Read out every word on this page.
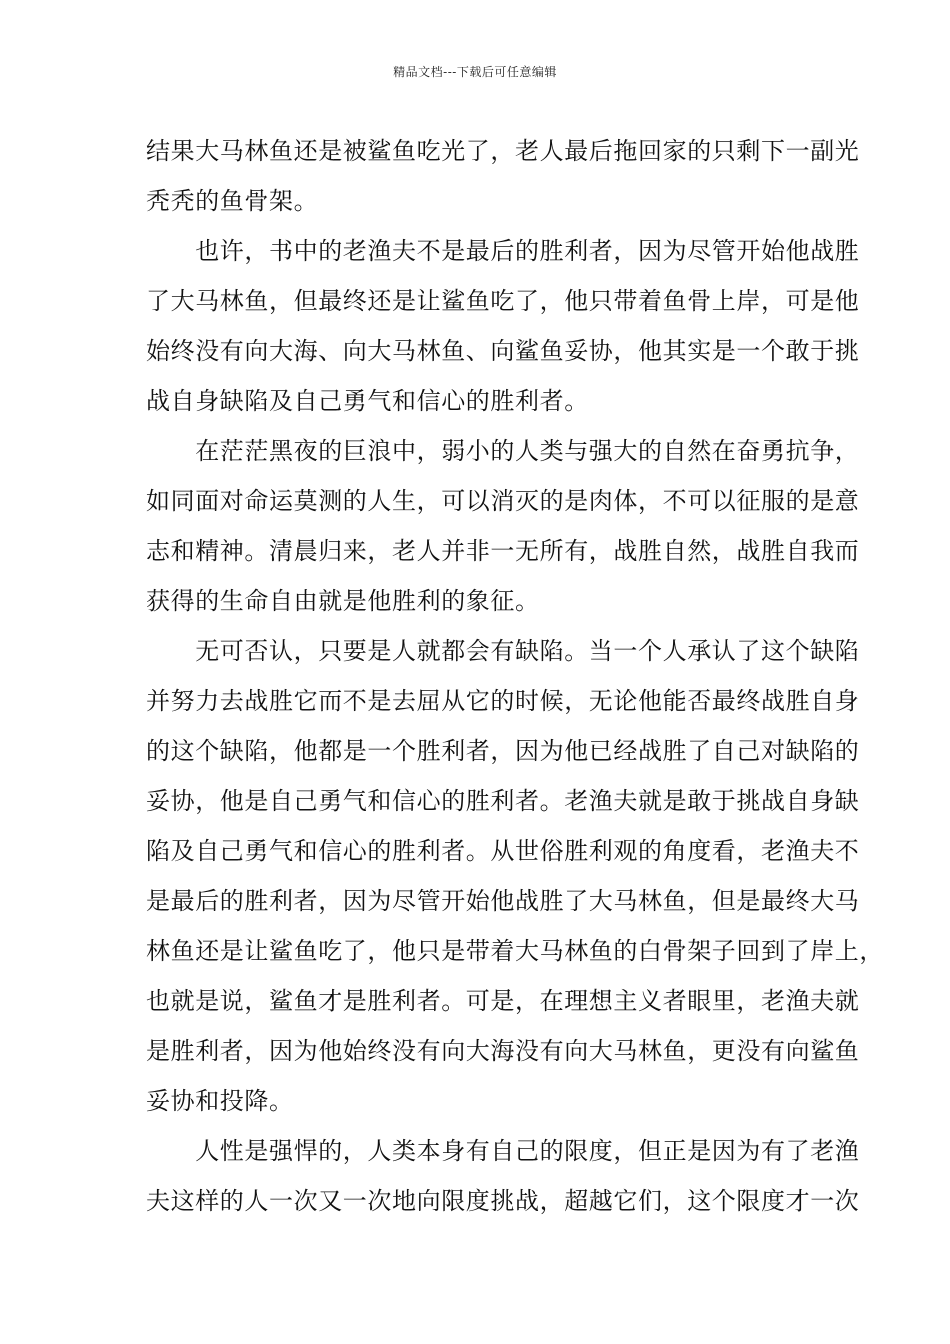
精品文档---下载后可任意编辑
结果大马林鱼还是被鲨鱼吃光了，老人最后拖回家的只剩下一副光
秃秃的鱼骨架。
　　也许，书中的老渔夫不是最后的胜利者，因为尽管开始他战胜
了大马林鱼，但最终还是让鲨鱼吃了，他只带着鱼骨上岸，可是他
始终没有向大海、向大马林鱼、向鲨鱼妥协，他其实是一个敢于挑
战自身缺陷及自己勇气和信心的胜利者。
　　在茫茫黑夜的巨浪中，弱小的人类与强大的自然在奋勇抗争，
如同面对命运莫测的人生，可以消灭的是肉体，不可以征服的是意
志和精神。清晨归来，老人并非一无所有，战胜自然，战胜自我而
获得的生命自由就是他胜利的象征。
　　无可否认，只要是人就都会有缺陷。当一个人承认了这个缺陷
并努力去战胜它而不是去屈从它的时候，无论他能否最终战胜自身
的这个缺陷，他都是一个胜利者，因为他已经战胜了自己对缺陷的
妥协，他是自己勇气和信心的胜利者。老渔夫就是敢于挑战自身缺
陷及自己勇气和信心的胜利者。从世俗胜利观的角度看，老渔夫不
是最后的胜利者，因为尽管开始他战胜了大马林鱼，但是最终大马
林鱼还是让鲨鱼吃了，他只是带着大马林鱼的白骨架子回到了岸上，
也就是说，鲨鱼才是胜利者。可是，在理想主义者眼里，老渔夫就
是胜利者，因为他始终没有向大海没有向大马林鱼，更没有向鲨鱼
妥协和投降。
　　人性是强悍的，人类本身有自己的限度，但正是因为有了老渔
夫这样的人一次又一次地向限度挑战，超越它们，这个限度才一次
